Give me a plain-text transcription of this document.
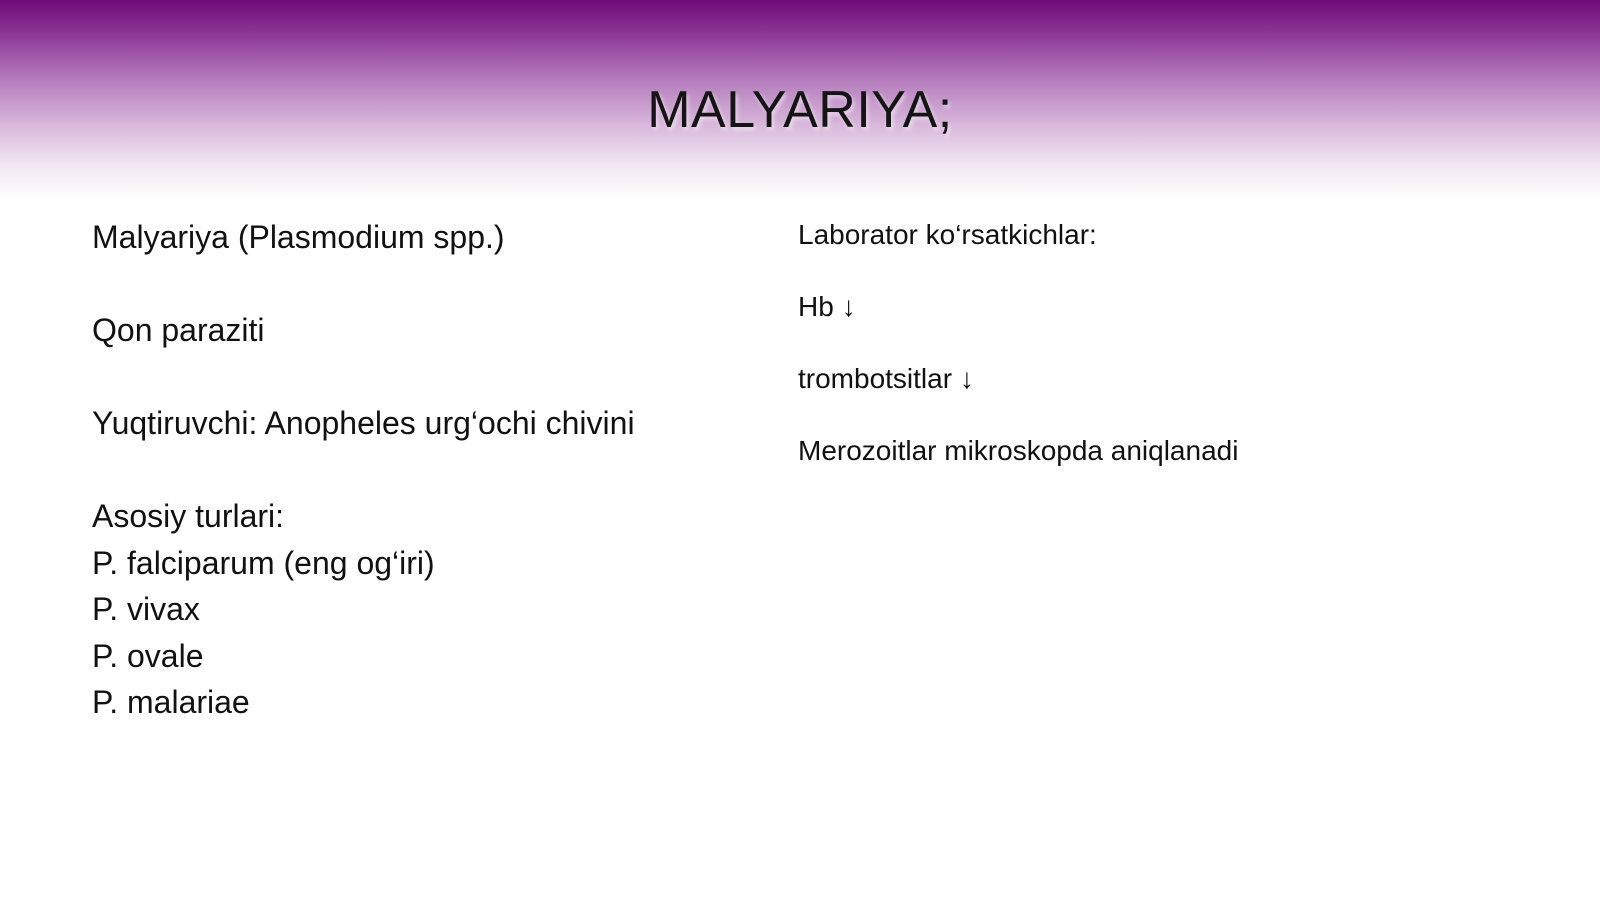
MALYARIYA;
Malyariya (Plasmodium spp.)
Qon paraziti
Yuqtiruvchi: Anopheles urg‘ochi chivini
Asosiy turlari:
P. falciparum (eng og‘iri)
P. vivax
P. ovale
P. malariae
Laborator ko‘rsatkichlar:
Hb ↓
trombotsitlar ↓
Merozoitlar mikroskopda aniqlanadi
